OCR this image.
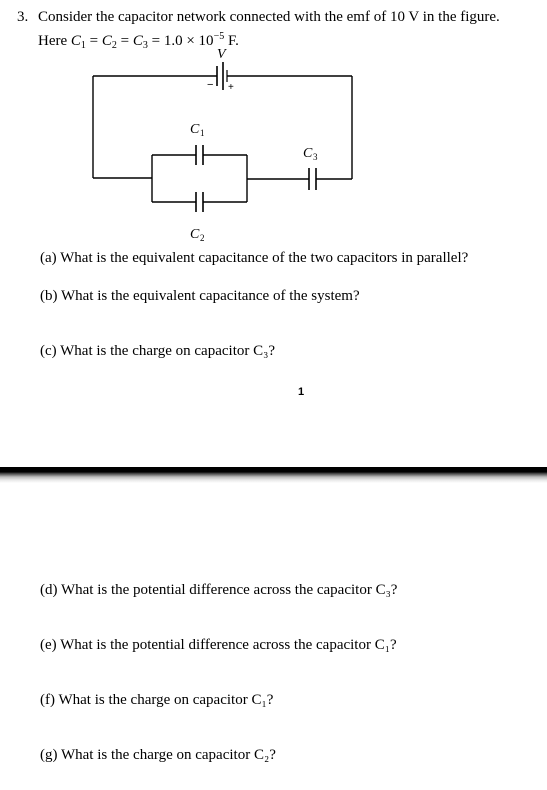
3. Consider the capacitor network connected with the emf of 10 V in the figure.
Here $C_1 = C_2 = C_3 = 1.0 \times 10^{-5}$ F.
V
− +
C 1
C 2
C 3
(a) What is the equivalent capacitance of the two capacitors in parallel?
(b) What is the equivalent capacitance of the system?
(c) What is the charge on capacitor C₃?
1
(d) What is the potential difference across the capacitor C₃?
(e) What is the potential difference across the capacitor C₁?
(f) What is the charge on capacitor C₁?
(g) What is the charge on capacitor C₂?
